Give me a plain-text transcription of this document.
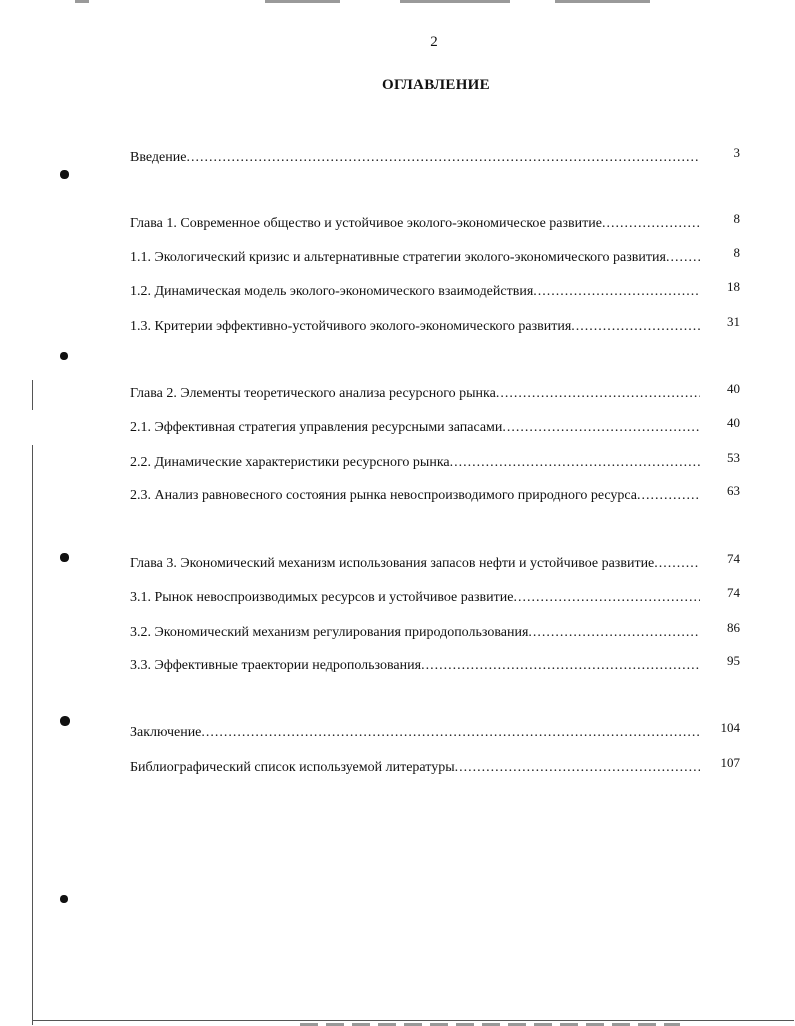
2
ОГЛАВЛЕНИЕ
Введение .....	3
Глава 1. Современное общество и устойчивое эколого-экономическое развитие .....	8
1.1. Экологический кризис и альтернативные стратегии эколого-экономического развития .....	8
1.2. Динамическая модель эколого-экономического взаимодействия .....	18
1.3. Критерии эффективно-устойчивого эколого-экономического развития .....	31
Глава 2. Элементы теоретического анализа ресурсного рынка .....	40
2.1. Эффективная стратегия управления ресурсными запасами .....	40
2.2. Динамические характеристики ресурсного рынка .....	53
2.3. Анализ равновесного состояния рынка невоспроизводимого природного ресурса .....	63
Глава 3. Экономический механизм использования запасов нефти и устойчивое развитие .....	74
3.1. Рынок невоспроизводимых ресурсов и устойчивое развитие .....	74
3.2. Экономический механизм регулирования природопользования .....	86
3.3. Эффективные траектории недропользования .....	95
Заключение .....	104
Библиографический список используемой литературы .....	107
